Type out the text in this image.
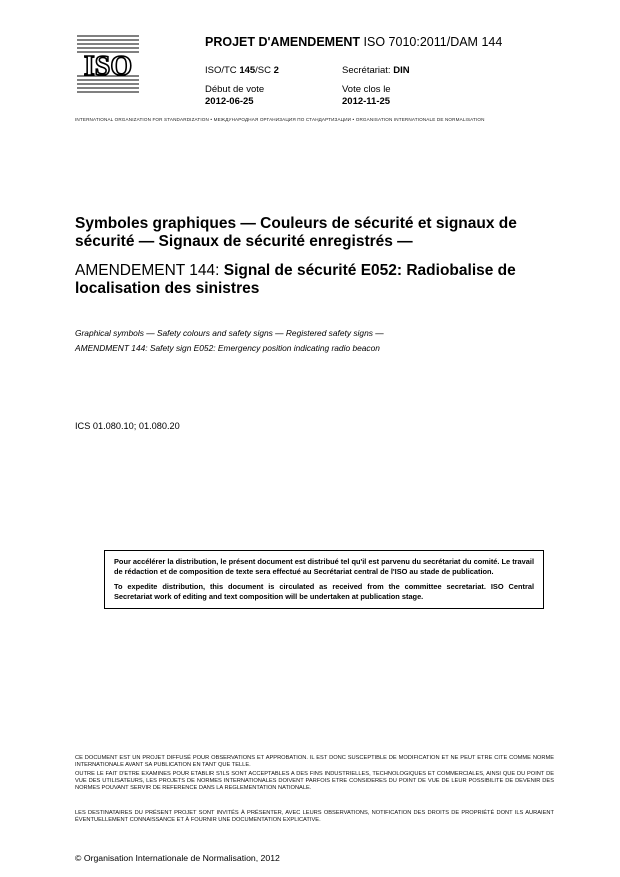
ISO
PROJET D'AMENDEMENT ISO 7010:2011/DAM 144
ISO/TC 145/SC 2	Secrétariat: DIN
Début de vote
2012-06-25
Vote clos le
2012-11-25
INTERNATIONAL ORGANIZATION FOR STANDARDIZATION • МЕЖДУНАРОДНАЯ ОРГАНИЗАЦИЯ ПО СТАНДАРТИЗАЦИИ • ORGANISATION INTERNATIONALE DE NORMALISATION
Symboles graphiques — Couleurs de sécurité et signaux de sécurité — Signaux de sécurité enregistrés —
AMENDEMENT 144: Signal de sécurité E052: Radiobalise de localisation des sinistres
Graphical symbols — Safety colours and safety signs — Registered safety signs —
AMENDMENT 144: Safety sign E052: Emergency position indicating radio beacon
ICS 01.080.10; 01.080.20

Pour accélérer la distribution, le présent document est distribué tel qu'il est parvenu du secrétariat du comité. Le travail de rédaction et de composition de texte sera effectué au Secrétariat central de l'ISO au stade de publication.

To expedite distribution, this document is circulated as received from the committee secretariat. ISO Central Secretariat work of editing and text composition will be undertaken at publication stage.

CE DOCUMENT EST UN PROJET DIFFUSÉ POUR OBSERVATIONS ET APPROBATION. IL EST DONC SUSCEPTIBLE DE MODIFICATION ET NE PEUT ETRE CITE COMME NORME INTERNATIONALE AVANT SA PUBLICATION EN TANT QUE TELLE.
OUTRE LE FAIT D'ETRE EXAMINES POUR ETABLIR S'ILS SONT ACCEPTABLES A DES FINS INDUSTRIELLES, TECHNOLOGIQUES ET COMMERCIALES, AINSI QUE DU POINT DE VUE DES UTILISATEURS, LES PROJETS DE NORMES INTERNATIONALES DOIVENT PARFOIS ETRE CONSIDERES DU POINT DE VUE DE LEUR POSSIBILITE DE DEVENIR DES NORMES POUVANT SERVIR DE REFERENCE DANS LA REGLEMENTATION NATIONALE.
LES DESTINATAIRES DU PRÉSENT PROJET SONT INVITÉS À PRÉSENTER, AVEC LEURS OBSERVATIONS, NOTIFICATION DES DROITS DE PROPRIÉTÉ DONT ILS AURAIENT ÉVENTUELLEMENT CONNAISSANCE ET À FOURNIR UNE DOCUMENTATION EXPLICATIVE.
© Organisation Internationale de Normalisation, 2012
